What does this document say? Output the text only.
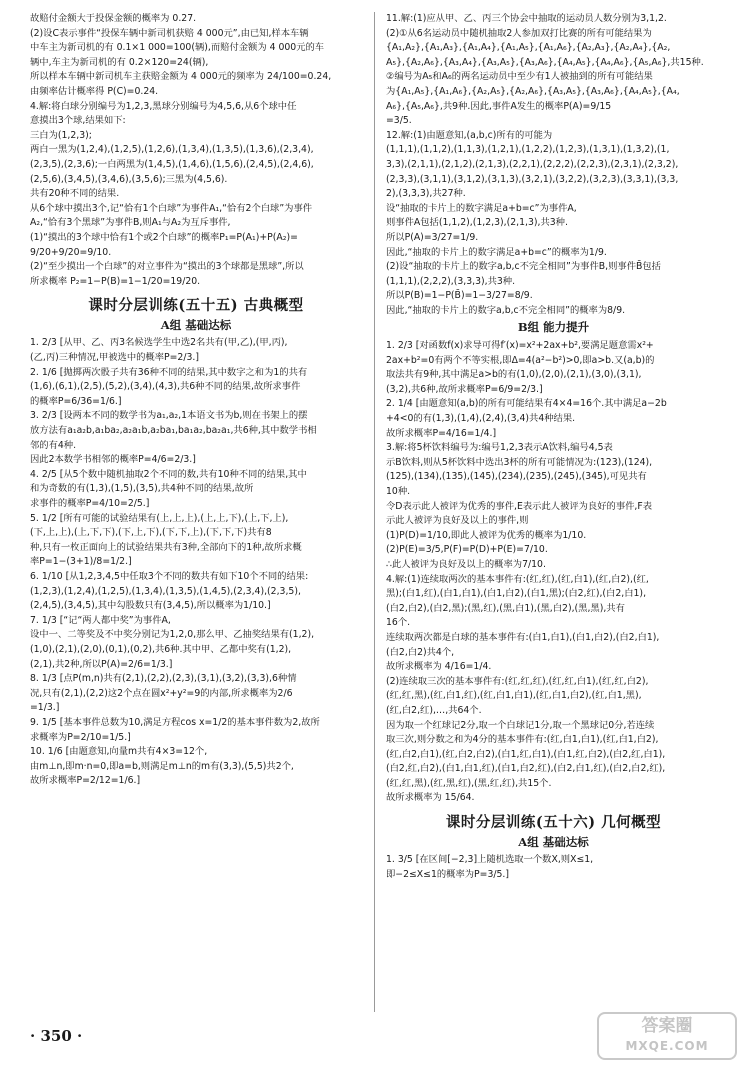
故赔付金额大于投保金额的概率为 0.27.
(2)设C表示事件“投保车辆中新司机获赔 4 000元”,由已知,样本车辆
中车主为新司机的有 0.1×1 000=100(辆),而赔付金额为 4 000元的车
辆中,车主为新司机的有 0.2×120=24(辆),
所以样本车辆中新司机车主获赔金额为 4 000元的频率为 24/100=0.24,
由频率估计概率得 P(C)=0.24.
4.解:将白球分别编号为1,2,3,黑球分别编号为4,5,6,从6个球中任
意摸出3个球,结果如下:
三白为(1,2,3);
两白一黑为(1,2,4),(1,2,5),(1,2,6),(1,3,4),(1,3,5),(1,3,6),(2,3,4),
(2,3,5),(2,3,6);一白两黑为(1,4,5),(1,4,6),(1,5,6),(2,4,5),(2,4,6),
(2,5,6),(3,4,5),(3,4,6),(3,5,6);三黑为(4,5,6).
共有20种不同的结果.
从6个球中摸出3个,记“恰有1个白球”为事件A₁,“恰有2个白球”为事件
A₂,“恰有3个黑球”为事件B,则A₁与A₂为互斥事件,
(1)“摸出的3个球中恰有1个或2个白球”的概率P₁=P(A₁)+P(A₂)=
9/20+9/20=9/10.
(2)“至少摸出一个白球”的对立事件为“摸出的3个球都是黑球”,所以
所求概率 P₂=1−P(B)=1−1/20=19/20.
课时分层训练(五十五) 古典概型
A组 基础达标
1. 2/3 [从甲、乙、丙3名候选学生中选2名共有(甲,乙),(甲,丙),
(乙,丙)三种情况,甲被选中的概率P=2/3.]
2. 1/6 [抛掷两次骰子共有36种不同的结果,其中数字之和为1的共有
(1,6),(6,1),(2,5),(5,2),(3,4),(4,3),共6种不同的结果,故所求事件
的概率P=6/36=1/6.]
3. 2/3 [设两本不同的数学书为a₁,a₂,1本语文书为b,则在书架上的摆
放方法有a₁a₂b,a₁ba₂,a₂a₁b,a₂ba₁,ba₁a₂,ba₂a₁,共6种,其中数学书相
邻的有4种.
因此2本数学书相邻的概率P=4/6=2/3.]
4. 2/5 [从5个数中随机抽取2个不同的数,共有10种不同的结果,其中
和为奇数的有(1,3),(1,5),(3,5),共4种不同的结果,故所
求事件的概率P=4/10=2/5.]
5. 1/2 [所有可能的试验结果有(上,上,上),(上,上,下),(上,下,上),
(下,上,上),(上,下,下),(下,上,下),(下,下,上),(下,下,下)共有8
种,只有一枚正面向上的试验结果共有3种,全部向下的1种,故所求概
率P=1−(3+1)/8=1/2.]
6. 1/10 [从1,2,3,4,5中任取3个不同的数共有如下10个不同的结果:
(1,2,3),(1,2,4),(1,2,5),(1,3,4),(1,3,5),(1,4,5),(2,3,4),(2,3,5),
(2,4,5),(3,4,5),其中勾股数只有(3,4,5),所以概率为1/10.]
7. 1/3 [“记“两人都中奖”为事件A,
设中一、二等奖及不中奖分别记为1,2,0,那么甲、乙抽奖结果有(1,2),
(1,0),(2,1),(2,0),(0,1),(0,2),共6种.其中甲、乙都中奖有(1,2),
(2,1),共2种,所以P(A)=2/6=1/3.]
8. 1/3 [点P(m,n)共有(2,1),(2,2),(2,3),(3,1),(3,2),(3,3),6种情
况,只有(2,1),(2,2)这2个点在圆x²+y²=9的内部,所求概率为2/6
=1/3.]
9. 1/5 [基本事件总数为10,满足方程cos x=1/2的基本事件数为2,故所
求概率为P=2/10=1/5.]
10. 1/6 [由题意知,向量m共有4×3=12个,
由m⊥n,即m·n=0,即a=b,则满足m⊥n的m有(3,3),(5,5)共2个,
故所求概率P=2/12=1/6.]
11.解:(1)应从甲、乙、丙三个协会中抽取的运动员人数分别为3,1,2.
(2)①从6名运动员中随机抽取2人参加双打比赛的所有可能结果为
{A₁,A₂},{A₁,A₃},{A₁,A₄},{A₁,A₅},{A₁,A₆},{A₂,A₃},{A₂,A₄},{A₂,
A₅},{A₂,A₆},{A₃,A₄},{A₃,A₅},{A₃,A₆},{A₄,A₅},{A₄,A₆},{A₅,A₆},共15种.
②编号为A₅和A₆的两名运动员中至少有1人被抽到的所有可能结果
为{A₁,A₅},{A₁,A₆},{A₂,A₅},{A₂,A₆},{A₃,A₅},{A₃,A₆},{A₄,A₅},{A₄,
A₆},{A₅,A₆},共9种.因此,事件A发生的概率P(A)=9/15
=3/5.
12.解:(1)由题意知,(a,b,c)所有的可能为
(1,1,1),(1,1,2),(1,1,3),(1,2,1),(1,2,2),(1,2,3),(1,3,1),(1,3,2),(1,
3,3),(2,1,1),(2,1,2),(2,1,3),(2,2,1),(2,2,2),(2,2,3),(2,3,1),(2,3,2),
(2,3,3),(3,1,1),(3,1,2),(3,1,3),(3,2,1),(3,2,2),(3,2,3),(3,3,1),(3,3,
2),(3,3,3),共27种.
设“抽取的卡片上的数字满足a+b=c”为事件A,
则事件A包括(1,1,2),(1,2,3),(2,1,3),共3种.
所以P(A)=3/27=1/9.
因此,“抽取的卡片上的数字满足a+b=c”的概率为1/9.
(2)设“抽取的卡片上的数字a,b,c不完全相同”为事件B,则事件B̄包括
(1,1,1),(2,2,2),(3,3,3),共3种.
所以P(B)=1−P(B̄)=1−3/27=8/9.
因此,“抽取的卡片上的数字a,b,c不完全相同”的概率为8/9.
B组 能力提升
1. 2/3 [对函数f(x)求导可得f′(x)=x²+2ax+b²,要满足题意需x²+
2ax+b²=0有两个不等实根,即Δ=4(a²−b²)>0,即a>b.又(a,b)的
取法共有9种,其中满足a>b的有(1,0),(2,0),(2,1),(3,0),(3,1),
(3,2),共6种,故所求概率P=6/9=2/3.]
2. 1/4 [由题意知(a,b)的所有可能结果有4×4=16个.其中满足a−2b
+4<0的有(1,3),(1,4),(2,4),(3,4)共4种结果.
故所求概率P=4/16=1/4.]
3.解:将5杯饮料编号为:编号1,2,3表示A饮料,编号4,5表
示B饮料,则从5杯饮料中选出3杯的所有可能情况为:(123),(124),
(125),(134),(135),(145),(234),(235),(245),(345),可见共有
10种.
令D表示此人被评为优秀的事件,E表示此人被评为良好的事件,F表
示此人被评为良好及以上的事件,则
(1)P(D)=1/10,即此人被评为优秀的概率为1/10.
(2)P(E)=3/5,P(F)=P(D)+P(E)=7/10.
∴此人被评为良好及以上的概率为7/10.
4.解:(1)连续取两次的基本事件有:(红,红),(红,白1),(红,白2),(红,
黑);(白1,红),(白1,白1),(白1,白2),(白1,黑);(白2,红),(白2,白1),
(白2,白2),(白2,黑);(黑,红),(黑,白1),(黑,白2),(黑,黑),共有
16个.
连续取两次都是白球的基本事件有:(白1,白1),(白1,白2),(白2,白1),
(白2,白2)共4个,
故所求概率为 4/16=1/4.
(2)连续取三次的基本事件有:(红,红,红),(红,红,白1),(红,红,白2),
(红,红,黑),(红,白1,红),(红,白1,白1),(红,白1,白2),(红,白1,黑),
(红,白2,红),…,共64个.
因为取一个红球记2分,取一个白球记1分,取一个黑球记0分,若连续
取三次,则分数之和为4分的基本事件有:(红,白1,白1),(红,白1,白2),
(红,白2,白1),(红,白2,白2),(白1,红,白1),(白1,红,白2),(白2,红,白1),
(白2,红,白2),(白1,白1,红),(白1,白2,红),(白2,白1,红),(白2,白2,红),
(红,红,黑),(红,黑,红),(黑,红,红),共15个.
故所求概率为 15/64.
课时分层训练(五十六) 几何概型
A组 基础达标
1. 3/5 [在区间[−2,3]上随机选取一个数X,则X≤1,
即−2≤X≤1的概率为P=3/5.]
· 350 ·	答案圈
MXQE.COM
